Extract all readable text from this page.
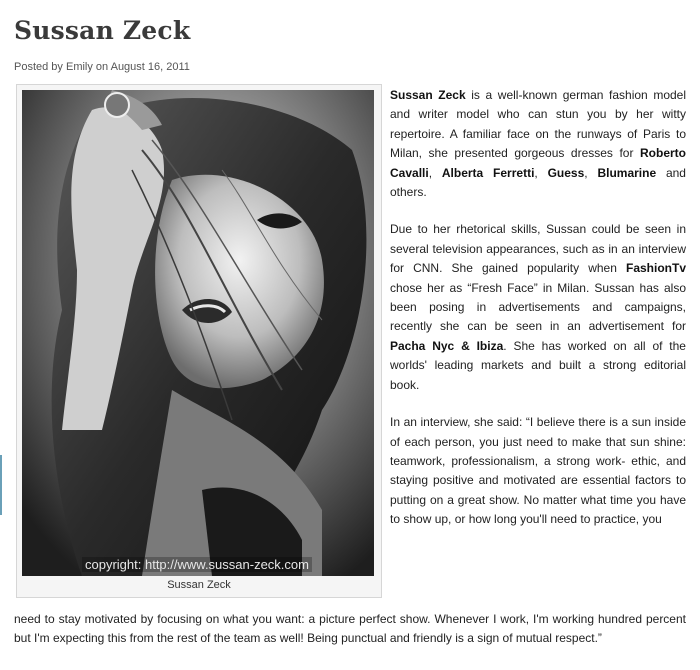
Sussan Zeck
Posted by Emily on August 16, 2011
copyright: http://www.sussan-zeck.com
Sussan Zeck

Sussan Zeck is a well-known german fashion model and writer model who can stun you by her witty repertoire. A familiar face on the runways of Paris to Milan, she presented gorgeous dresses for Roberto Cavalli, Alberta Ferretti, Guess, Blumarine and others.

Due to her rhetorical skills, Sussan could be seen in several television appearances, such as in an interview for CNN. She gained popularity when FashionTv chose her as “Fresh Face” in Milan. Sussan has also been posing in advertisements and campaigns, recently she can be seen in an advertisement for Pacha Nyc & Ibiza. She has worked on all of the worlds' leading markets and built a strong editorial book.

In an interview, she said: “I believe there is a sun inside of each person, you just need to make that sun shine: teamwork, professionalism, a strong work- ethic, and staying positive and motivated are essential factors to putting on a great show. No matter what time you have to show up, or how long you'll need to practice, you

need to stay motivated by focusing on what you want: a picture perfect show. Whenever I work, I'm working hundred percent but I'm expecting this from the rest of the team as well! Being punctual and friendly is a sign of mutual respect.”
